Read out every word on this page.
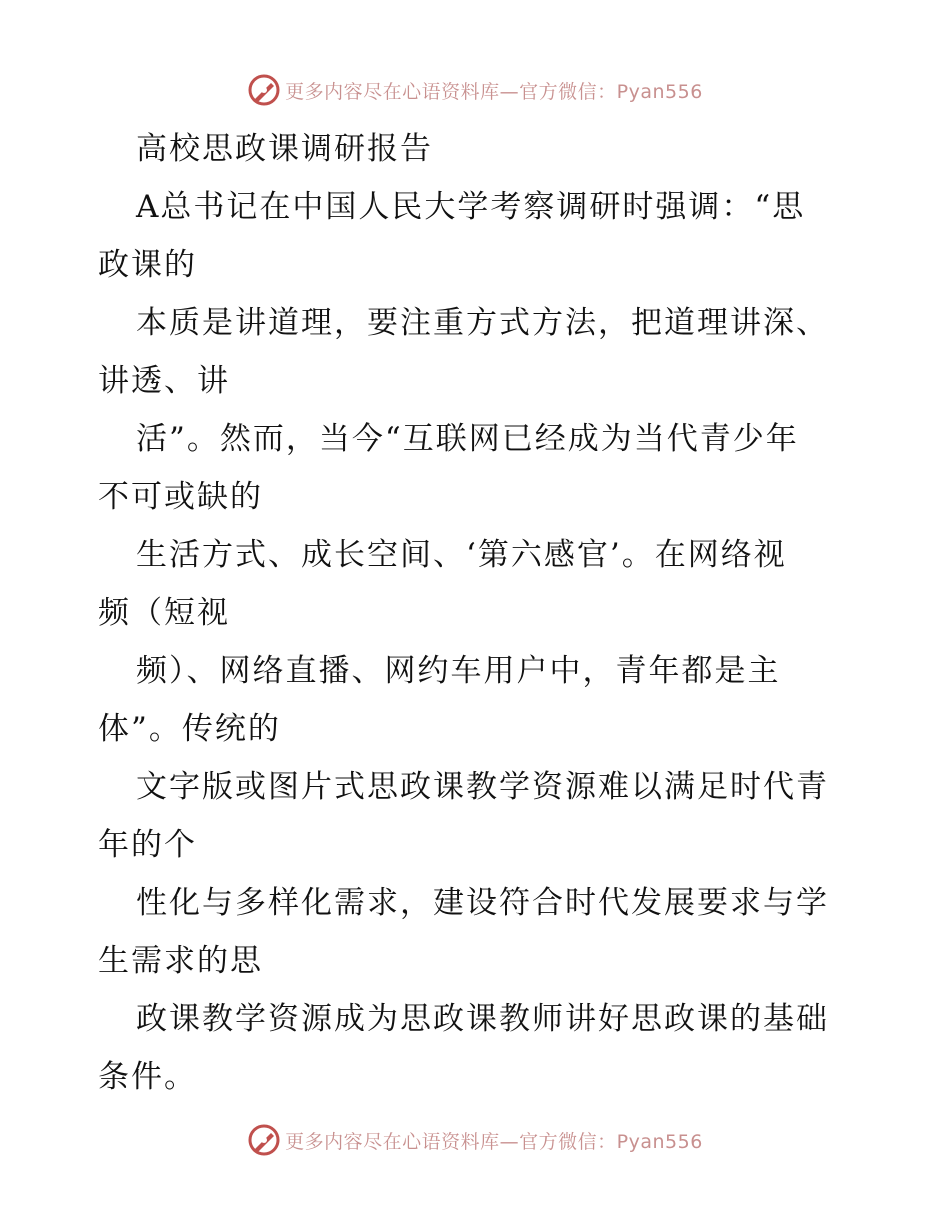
更多内容尽在心语资料库—官方微信：Pyan556
高校思政课调研报告
A总书记在中国人民大学考察调研时强调：“思
政课的
本质是讲道理，要注重方式方法，把道理讲深、
讲透、讲
活”。然而，当今“互联网已经成为当代青少年
不可或缺的
生活方式、成长空间、‘第六感官’。在网络视
频（短视
频）、网络直播、网约车用户中，青年都是主
体”。传统的
文字版或图片式思政课教学资源难以满足时代青
年的个
性化与多样化需求，建设符合时代发展要求与学
生需求的思
政课教学资源成为思政课教师讲好思政课的基础
条件。
更多内容尽在心语资料库—官方微信：Pyan556
